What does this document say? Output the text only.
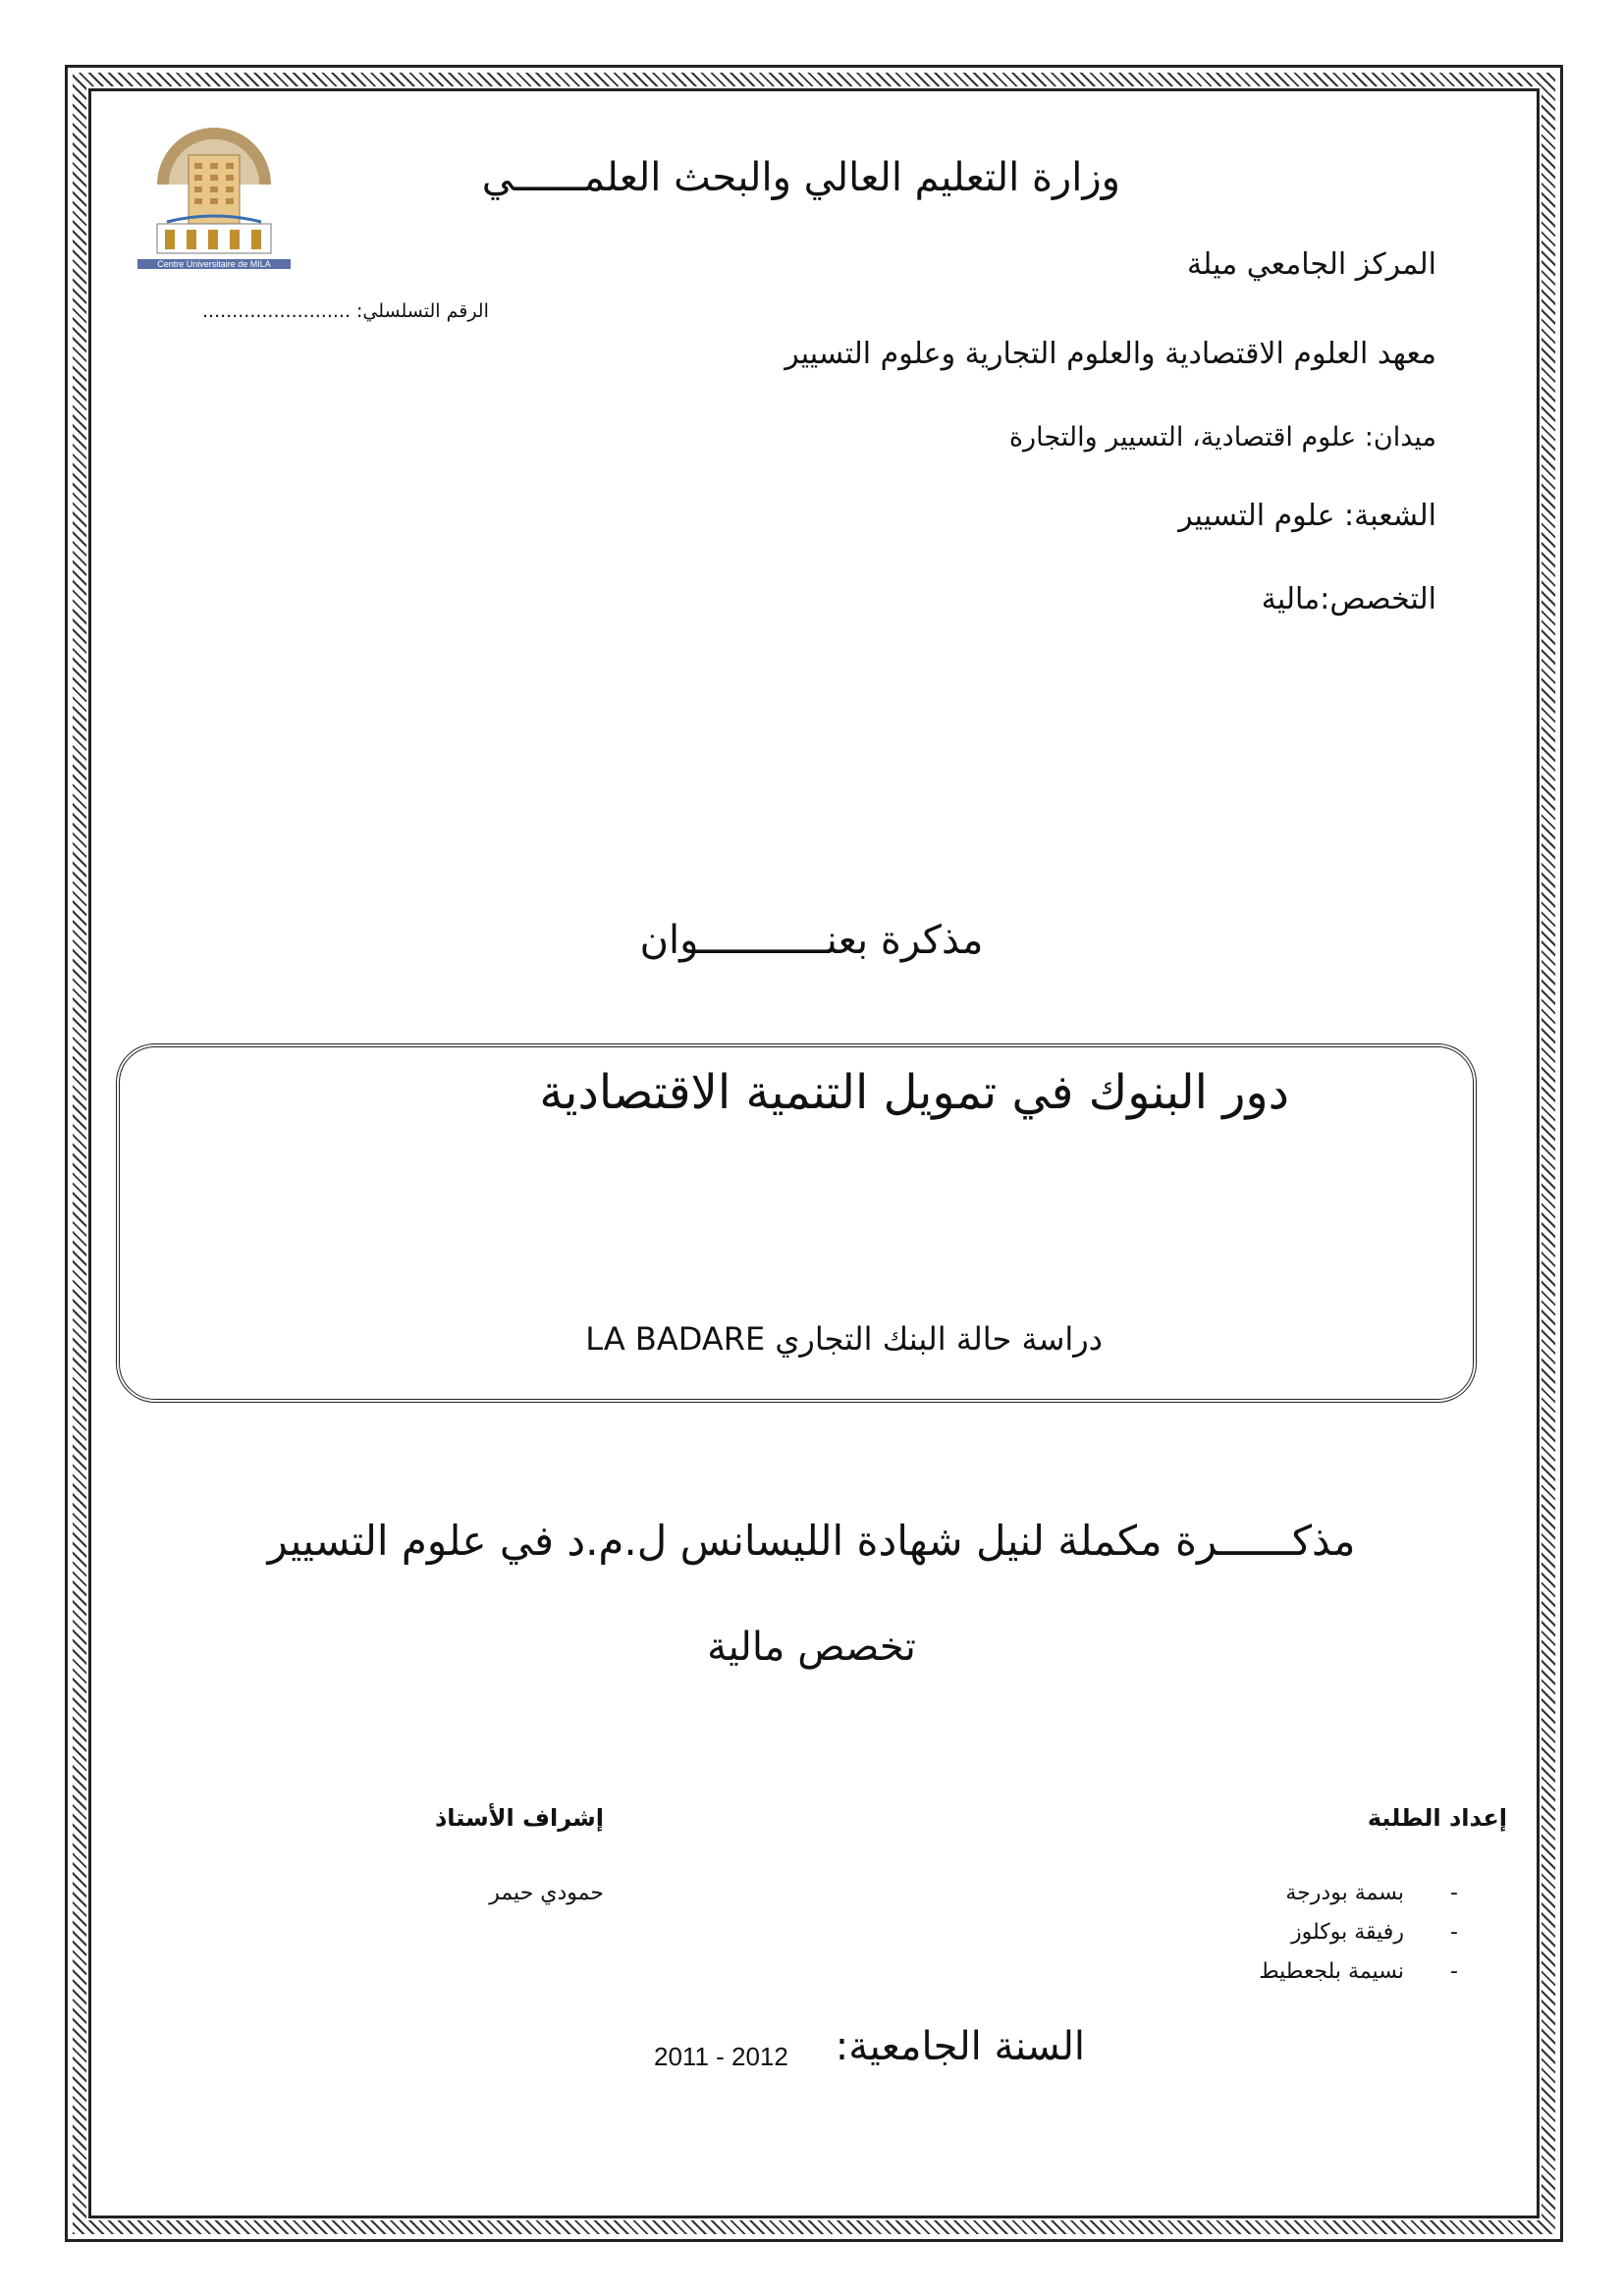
Centre Universitaire de MILA
وزارة التعليم العالي والبحث العلمــــــي
المركز الجامعي ميلة
الرقم التسلسلي: .........................
معهد العلوم الاقتصادية والعلوم التجارية وعلوم التسيير
ميدان: علوم اقتصادية، التسيير والتجارة
الشعبة: علوم التسيير
التخصص:مالية
مذكرة بعنـــــــــــوان
دور البنوك في تمويل التنمية الاقتصادية
دراسة حالة البنك التجاري LA BADARE
مذكــــــرة مكملة لنيل شهادة الليسانس ل.م.د في علوم التسيير
تخصص مالية
إعداد الطلبة
إشراف الأستاذ
حمودي حيمر	- بسمة بودرجة
- رفيقة بوكلوز
- نسيمة بلجعطيط
السنة الجامعية:
2011 - 2012
